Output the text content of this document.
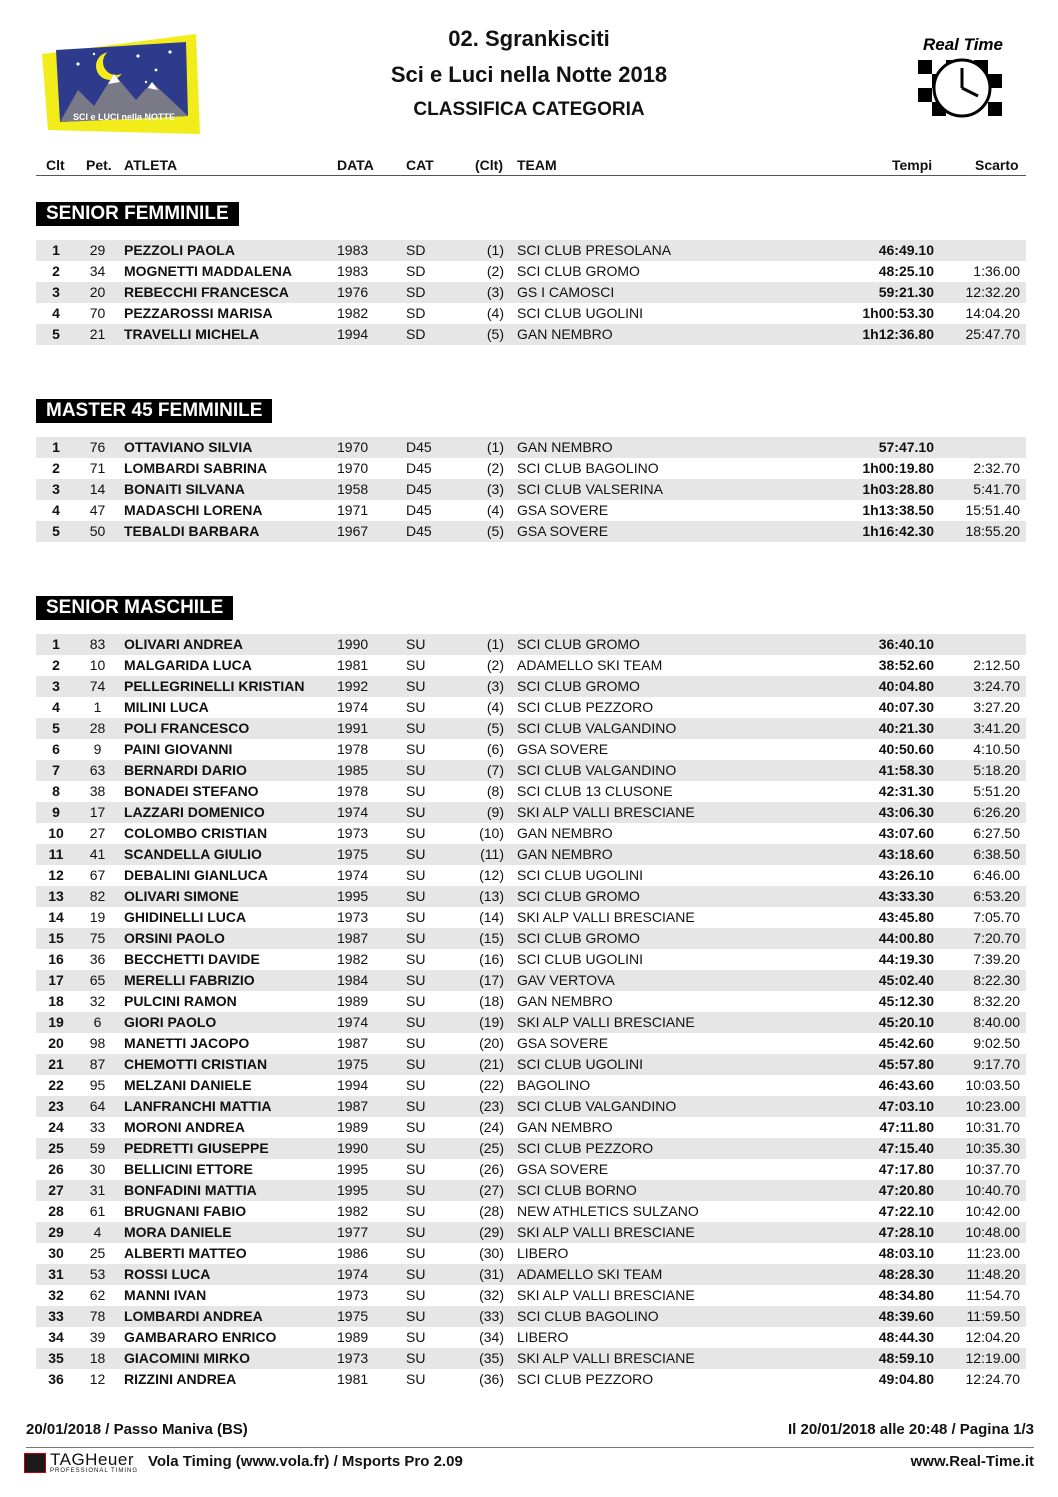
SCI e LUCI nella NOTTE
02. Sgrankisciti
Sci e Luci nella Notte 2018
CLASSIFICA CATEGORIA
Real Time
Clt Pet. ATLETA	DATA CAT	(Clt) TEAM	Tempi	Scarto
SENIOR FEMMINILE
1	29	PEZZOLI PAOLA	1983	SD	(1) SCI CLUB PRESOLANA	46:49.10
2	34	MOGNETTI MADDALENA	1983	SD	(2) SCI CLUB GROMO	48:25.10	1:36.00
3	20	REBECCHI FRANCESCA	1976	SD	(3) GS I CAMOSCI	59:21.30	12:32.20
4	70	PEZZAROSSI MARISA	1982	SD	(4) SCI CLUB UGOLINI	1h00:53.30	14:04.20
5	21	TRAVELLI MICHELA	1994	SD	(5) GAN NEMBRO	1h12:36.80	25:47.70
MASTER 45 FEMMINILE
1	76	OTTAVIANO SILVIA	1970	D45	(1) GAN NEMBRO	57:47.10
2	71	LOMBARDI SABRINA	1970	D45	(2) SCI CLUB BAGOLINO	1h00:19.80	2:32.70
3	14	BONAITI SILVANA	1958	D45	(3) SCI CLUB VALSERINA	1h03:28.80	5:41.70
4	47	MADASCHI LORENA	1971	D45	(4) GSA SOVERE	1h13:38.50	15:51.40
5	50	TEBALDI BARBARA	1967	D45	(5) GSA SOVERE	1h16:42.30	18:55.20
SENIOR MASCHILE
1	83	OLIVARI ANDREA	1990	SU	(1) SCI CLUB GROMO	36:40.10
2	10	MALGARIDA LUCA	1981	SU	(2) ADAMELLO SKI TEAM	38:52.60	2:12.50
3	74	PELLEGRINELLI KRISTIAN 1992	SU	(3) SCI CLUB GROMO	40:04.80	3:24.70
4	1	MILINI LUCA	1974	SU	(4) SCI CLUB PEZZORO	40:07.30	3:27.20
5	28	POLI FRANCESCO	1991	SU	(5) SCI CLUB VALGANDINO	40:21.30	3:41.20
6	9	PAINI GIOVANNI	1978	SU	(6) GSA SOVERE	40:50.60	4:10.50
7	63	BERNARDI DARIO	1985	SU	(7) SCI CLUB VALGANDINO	41:58.30	5:18.20
8	38	BONADEI STEFANO	1978	SU	(8) SCI CLUB 13 CLUSONE	42:31.30	5:51.20
9	17	LAZZARI DOMENICO	1974	SU	(9) SKI ALP VALLI BRESCIANE	43:06.30	6:26.20
10	27	COLOMBO CRISTIAN	1973	SU	(10) GAN NEMBRO	43:07.60	6:27.50
11	41	SCANDELLA GIULIO	1975	SU	(11) GAN NEMBRO	43:18.60	6:38.50
12	67	DEBALINI GIANLUCA	1974	SU	(12) SCI CLUB UGOLINI	43:26.10	6:46.00
13	82	OLIVARI SIMONE	1995	SU	(13) SCI CLUB GROMO	43:33.30	6:53.20
14	19	GHIDINELLI LUCA	1973	SU	(14) SKI ALP VALLI BRESCIANE	43:45.80	7:05.70
15	75	ORSINI PAOLO	1987	SU	(15) SCI CLUB GROMO	44:00.80	7:20.70
16	36	BECCHETTI DAVIDE	1982	SU	(16) SCI CLUB UGOLINI	44:19.30	7:39.20
17	65	MERELLI FABRIZIO	1984	SU	(17) GAV VERTOVA	45:02.40	8:22.30
18	32	PULCINI RAMON	1989	SU	(18) GAN NEMBRO	45:12.30	8:32.20
19	6	GIORI PAOLO	1974	SU	(19) SKI ALP VALLI BRESCIANE	45:20.10	8:40.00
20	98	MANETTI JACOPO	1987	SU	(20) GSA SOVERE	45:42.60	9:02.50
21	87	CHEMOTTI CRISTIAN	1975	SU	(21) SCI CLUB UGOLINI	45:57.80	9:17.70
22	95	MELZANI DANIELE	1994	SU	(22) BAGOLINO	46:43.60	10:03.50
23	64	LANFRANCHI MATTIA	1987	SU	(23) SCI CLUB VALGANDINO	47:03.10	10:23.00
24	33	MORONI ANDREA	1989	SU	(24) GAN NEMBRO	47:11.80	10:31.70
25	59	PEDRETTI GIUSEPPE	1990	SU	(25) SCI CLUB PEZZORO	47:15.40	10:35.30
26	30	BELLICINI ETTORE	1995	SU	(26) GSA SOVERE	47:17.80	10:37.70
27	31	BONFADINI MATTIA	1995	SU	(27) SCI CLUB BORNO	47:20.80	10:40.70
28	61	BRUGNANI FABIO	1982	SU	(28) NEW ATHLETICS SULZANO	47:22.10	10:42.00
29	4	MORA DANIELE	1977	SU	(29) SKI ALP VALLI BRESCIANE	47:28.10	10:48.00
30	25	ALBERTI MATTEO	1986	SU	(30) LIBERO	48:03.10	11:23.00
31	53	ROSSI LUCA	1974	SU	(31) ADAMELLO SKI TEAM	48:28.30	11:48.20
32	62	MANNI IVAN	1973	SU	(32) SKI ALP VALLI BRESCIANE	48:34.80	11:54.70
33	78	LOMBARDI ANDREA	1975	SU	(33) SCI CLUB BAGOLINO	48:39.60	11:59.50
34	39	GAMBARARO ENRICO	1989	SU	(34) LIBERO	48:44.30	12:04.20
35	18	GIACOMINI MIRKO	1973	SU	(35) SKI ALP VALLI BRESCIANE	48:59.10	12:19.00
36	12	RIZZINI ANDREA	1981	SU	(36) SCI CLUB PEZZORO	49:04.80	12:24.70
20/01/2018 / Passo Maniva (BS)	Il 20/01/2018 alle 20:48 / Pagina 1/3
TAGHeuer
PROFESSIONAL TIMING
Vola Timing (www.vola.fr) / Msports Pro 2.09	www.Real-Time.it
